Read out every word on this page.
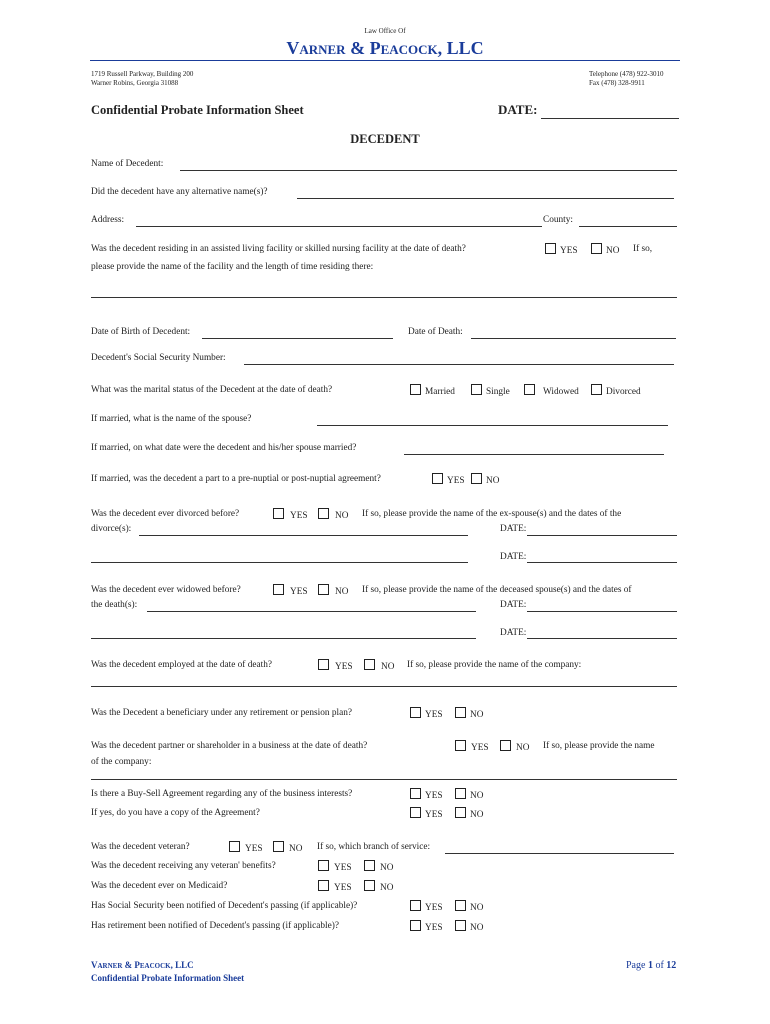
Law Office Of
VARNER & PEACOCK, LLC
1719 Russell Parkway, Building 200
Warner Robins, Georgia 31088
Telephone (478) 922-3010
Fax (478) 328-9911
Confidential Probate Information Sheet	DATE:
DECEDENT
Name of Decedent:
Did the decedent have any alternative name(s)?
Address:	County:
Was the decedent residing in an assisted living facility or skilled nursing facility at the date of death?	YES	NO If so,
please provide the name of the facility and the length of time residing there:
Date of Birth of Decedent:	Date of Death:
Decedent's Social Security Number:
What was the marital status of the Decedent at the date of death?	Married	Single	Widowed	Divorced
If married, what is the name of the spouse?
If married, on what date were the decedent and his/her spouse married?
If married, was the decedent a part to a pre-nuptial or post-nuptial agreement?	YES	NO
Was the decedent ever divorced before?	YES	NO If so, please provide the name of the ex-spouse(s) and the dates of the
divorce(s):	DATE:
DATE:
Was the decedent ever widowed before?	YES	NO If so, please provide the name of the deceased spouse(s) and the dates of
the death(s):	DATE:
DATE:
Was the decedent employed at the date of death?	YES	NO If so, please provide the name of the company:
Was the Decedent a beneficiary under any retirement or pension plan?	YES	NO
Was the decedent partner or shareholder in a business at the date of death?	YES	NO If so, please provide the name
of the company:
Is there a Buy-Sell Agreement regarding any of the business interests?	YES	NO
If yes, do you have a copy of the Agreement?	YES	NO
Was the decedent veteran?	YES	NO If so, which branch of service:
Was the decedent receiving any veteran' benefits?	YES	NO
Was the decedent ever on Medicaid?	YES	NO
Has Social Security been notified of Decedent's passing (if applicable)?	YES	NO
Has retirement been notified of Decedent's passing (if applicable)?	YES	NO
VARNER & PEACOCK, LLC
Confidential Probate Information Sheet
Page 1 of 12
